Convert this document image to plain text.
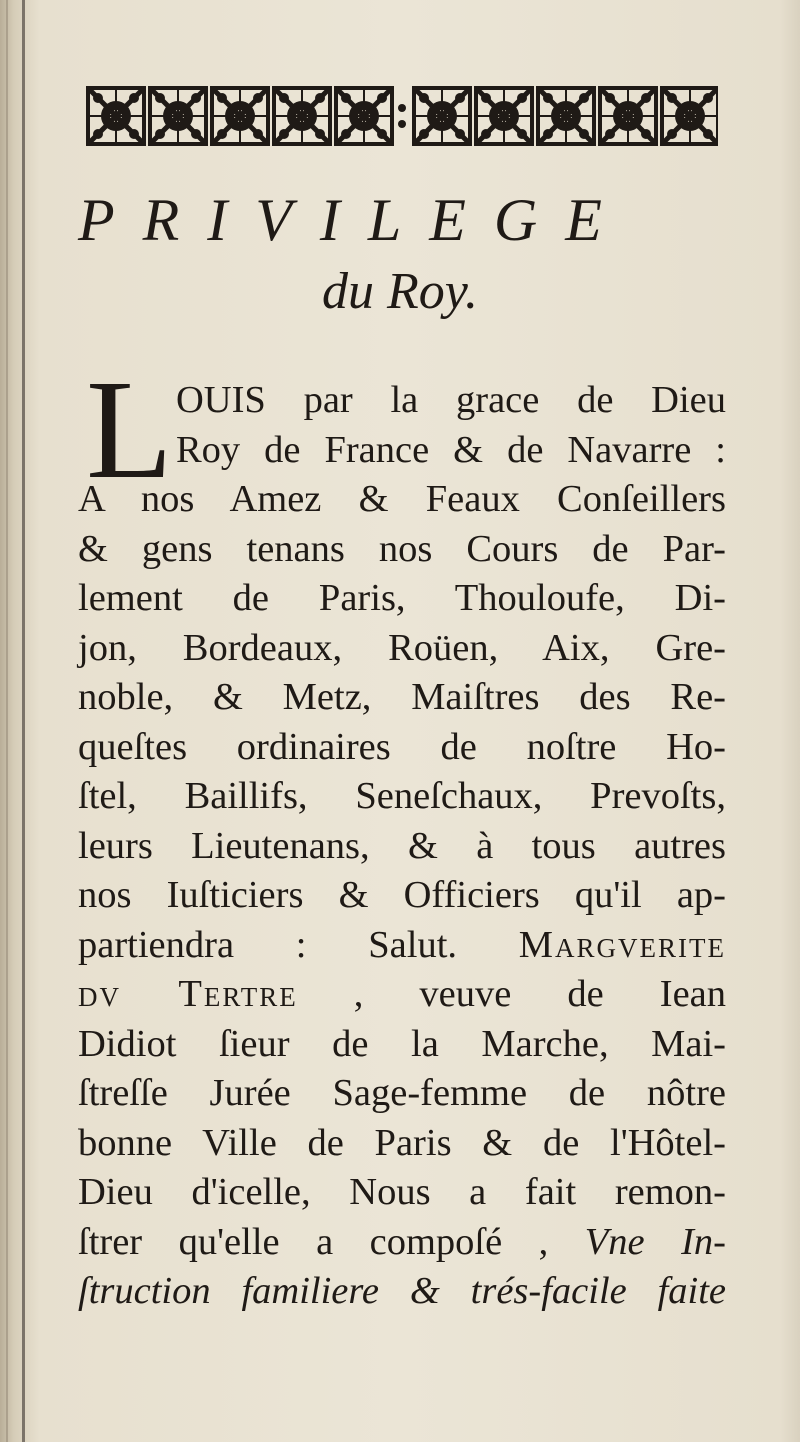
PRIVILEGE
du Roy.
L OUIS par la grace de Dieu
Roy de France & de Navarre :
A nos Amez & Feaux Conſeillers
& gens tenans nos Cours de Par-
lement de Paris, Thouloufe, Di-
jon, Bordeaux, Roüen, Aix, Gre-
noble, & Metz, Maiſtres des Re-
queſtes ordinaires de noſtre Ho-
ſtel, Baillifs, Seneſchaux, Prevoſts,
leurs Lieutenans, & à tous autres
nos Iuſticiers & Officiers qu'il ap-
partiendra : Salut. Margverite
dv Tertre , veuve de Iean
Didiot ſieur de la Marche, Mai-
ſtreſſe Jurée Sage-femme de nôtre
bonne Ville de Paris & de l'Hôtel-
Dieu d'icelle, Nous a fait remon-
ſtrer qu'elle a compoſé , Vne In-
ſtruction familiere & trés-facile faite
